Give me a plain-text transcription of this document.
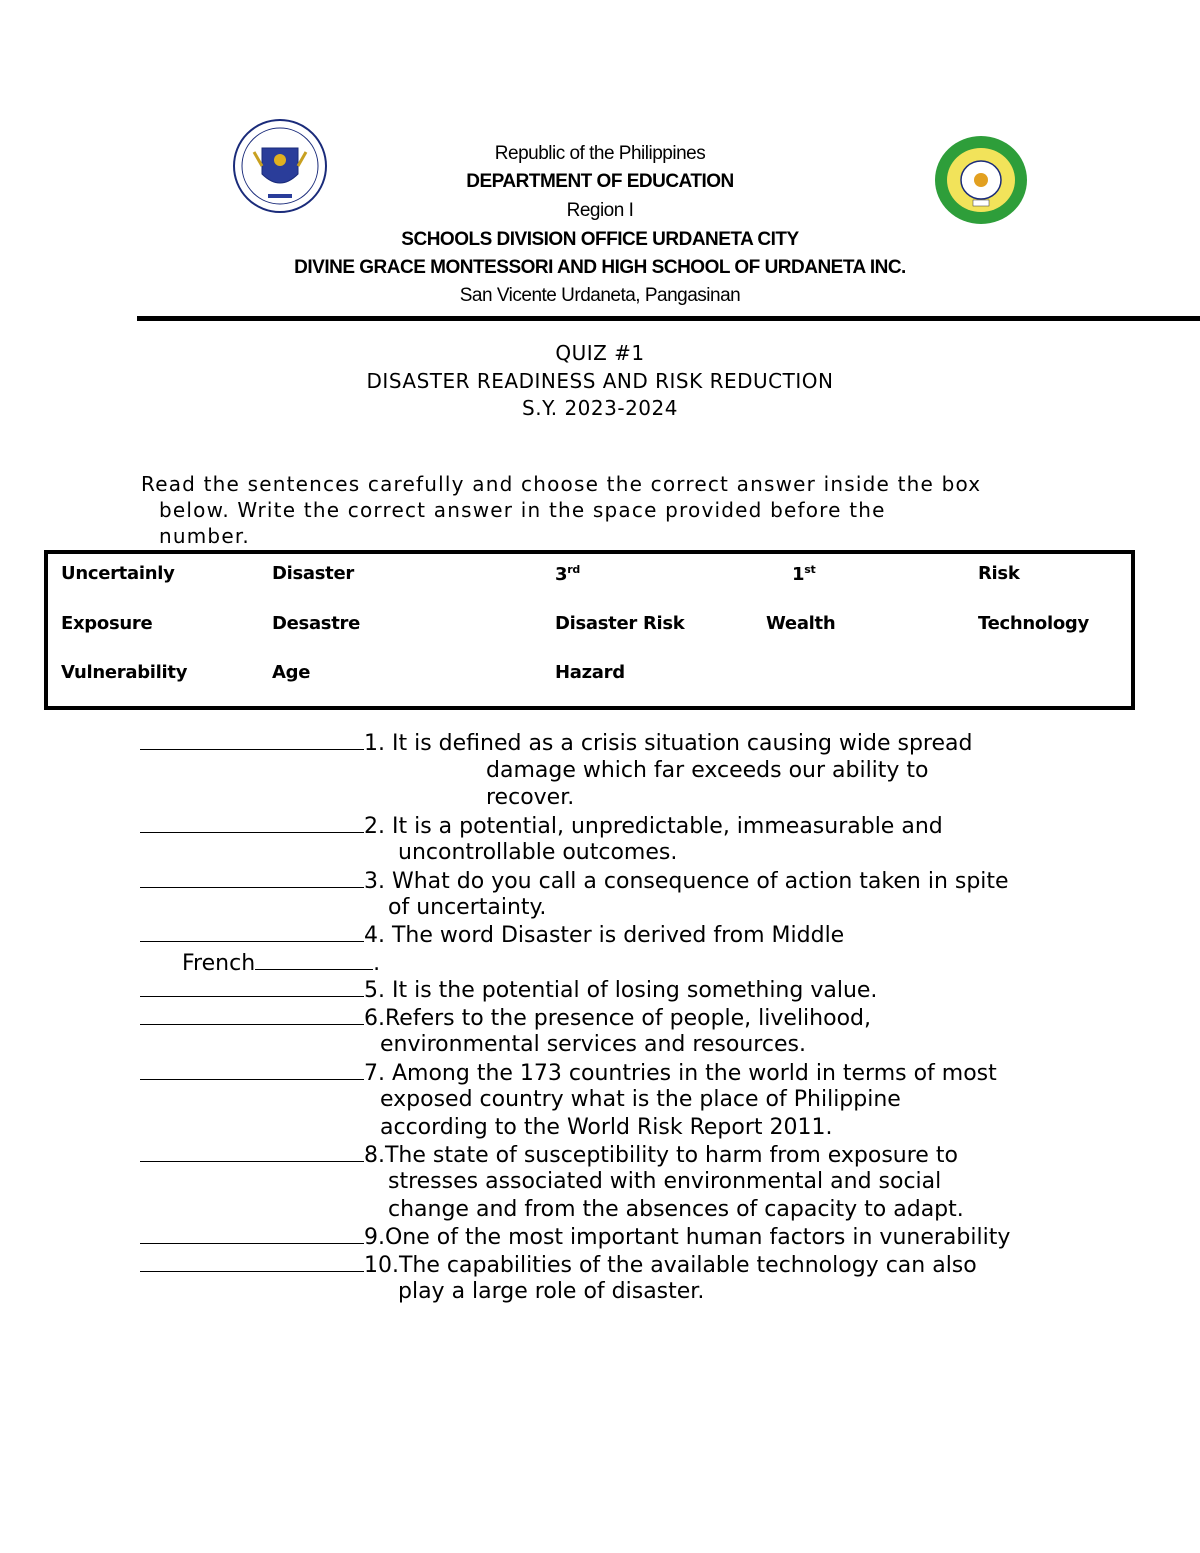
Republic of the Philippines
DEPARTMENT OF EDUCATION
Region I
SCHOOLS DIVISION OFFICE URDANETA CITY
DIVINE GRACE MONTESSORI AND HIGH SCHOOL OF URDANETA INC.
San Vicente Urdaneta, Pangasinan
QUIZ #1
DISASTER READINESS AND RISK REDUCTION
S.Y. 2023-2024
Read the sentences carefully and choose the correct answer inside the box
below. Write the correct answer in the space provided before the
number.
Uncertainly	Disaster	3rd	1st	Risk
Exposure	Desastre	Disaster Risk	Wealth	Technology
Vulnerability	Age	Hazard
1. It is defined as a crisis situation causing wide spread
damage which far exceeds our ability to
recover.
2. It is a potential, unpredictable, immeasurable and
uncontrollable outcomes.
3. What do you call a consequence of action taken in spite
of uncertainty.
4. The word Disaster is derived from Middle
French	.
5. It is the potential of losing something value.
6.Refers to the presence of people, livelihood,
environmental services and resources.
7. Among the 173 countries in the world in terms of most
exposed country what is the place of Philippine
according to the World Risk Report 2011.
8.The state of susceptibility to harm from exposure to
stresses associated with environmental and social
change and from the absences of capacity to adapt.
9.One of the most important human factors in vunerability
10.The capabilities of the available technology can also
play a large role of disaster.
